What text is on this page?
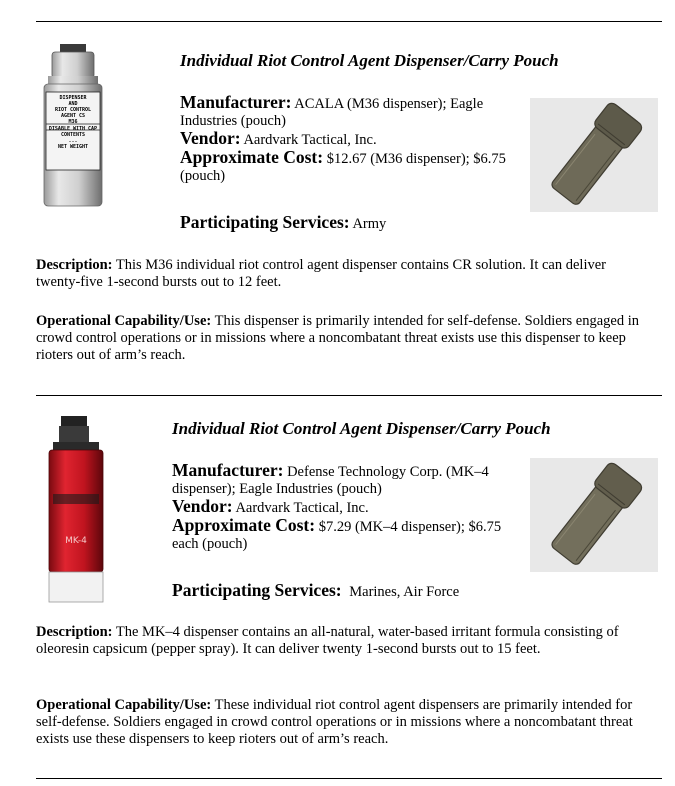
DISPENSER
AND
RIOT CONTROL
AGENT CS
M36
DISABLE WITH CAP
CONTENTS
...
NET WEIGHT
Individual Riot Control Agent Dispenser/Carry Pouch
Manufacturer: ACALA (M36 dispenser); Eagle Industries (pouch)
Vendor: Aardvark Tactical, Inc.
Approximate Cost: $12.67 (M36 dispenser); $6.75 (pouch)
Participating Services: Army
Description: This M36 individual riot control agent dispenser contains CR solution. It can deliver twenty-five 1-second bursts out to 12 feet.
Operational Capability/Use: This dispenser is primarily intended for self-defense. Soldiers engaged in crowd control operations or in missions where a noncombatant threat exists use this dispenser to keep rioters out of arm’s reach.
MK-4
Individual Riot Control Agent Dispenser/Carry Pouch
Manufacturer: Defense Technology Corp. (MK–4 dispenser); Eagle Industries (pouch)
Vendor: Aardvark Tactical, Inc.
Approximate Cost: $7.29 (MK–4 dispenser); $6.75 each (pouch)
Participating Services: Marines, Air Force
Description: The MK–4 dispenser contains an all-natural, water-based irritant formula consisting of oleoresin capsicum (pepper spray). It can deliver twenty 1-second bursts out to 15 feet.
Operational Capability/Use: These individual riot control agent dispensers are primarily intended for self-defense. Soldiers engaged in crowd control operations or in missions where a noncombatant threat exists use these dispensers to keep rioters out of arm’s reach.
